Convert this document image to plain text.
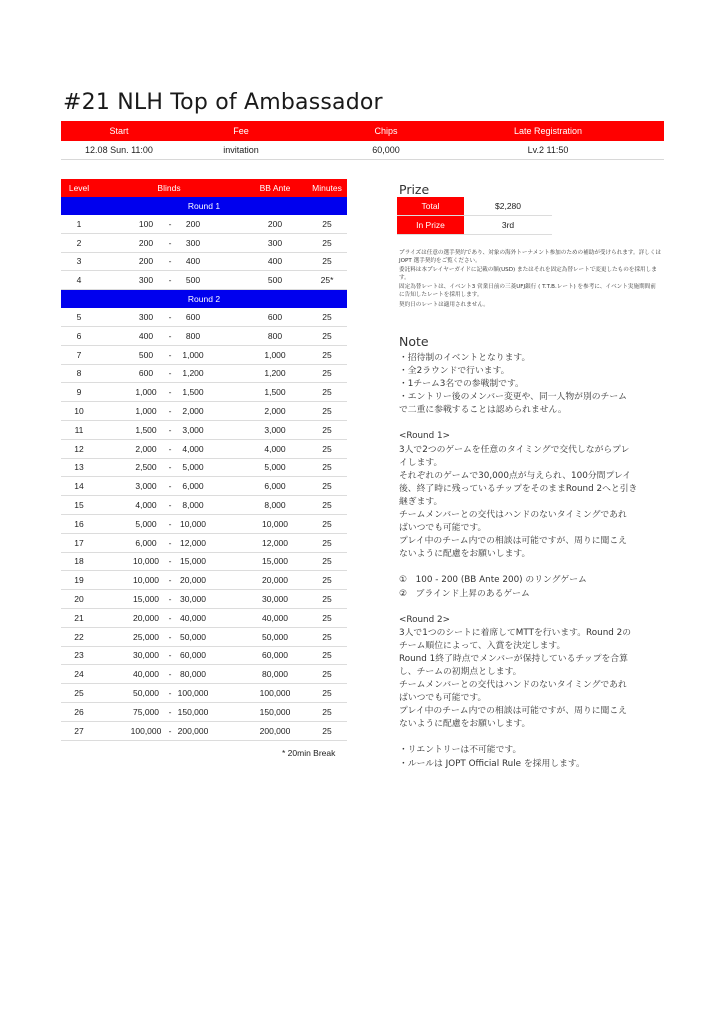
#21 NLH Top of Ambassador
Start	Fee	Chips	Late Registration
12.08 Sun. 11:00	invitation	60,000	Lv.2 11:50
Level	Blinds	BB Ante	Minutes
Round 1
1	100 - 200	200	25
2	200 - 300	300	25
3	200 - 400	400	25
4	300 - 500	500	25*
Round 2
5	300 - 600	600	25
6	400 - 800	800	25
7	500 - 1,000	1,000	25
8	600 - 1,200	1,200	25
9	1,000 - 1,500	1,500	25
10	1,000 - 2,000	2,000	25
11	1,500 - 3,000	3,000	25
12	2,000 - 4,000	4,000	25
13	2,500 - 5,000	5,000	25
14	3,000 - 6,000	6,000	25
15	4,000 - 8,000	8,000	25
16	5,000 - 10,000	10,000	25
17	6,000 - 12,000	12,000	25
18	10,000 - 15,000	15,000	25
19	10,000 - 20,000	20,000	25
20	15,000 - 30,000	30,000	25
21	20,000 - 40,000	40,000	25
22	25,000 - 50,000	50,000	25
23	30,000 - 60,000	60,000	25
24	40,000 - 80,000	80,000	25
25	50,000 - 100,000	100,000	25
26	75,000 - 150,000	150,000	25
27	100,000 - 200,000	200,000	25
* 20min Break
Prize
Total	$2,280
In Prize	3rd

プライズは任意の選手契約であり、対象の海外トーナメント参加のための補助が受けられます。詳しくはJOPT 選手契約をご覧ください。

委託料は本プレイヤーガイドに記載の額(USD) またはそれを固定為替レートで変更したものを採用します。

固定為替レートは、イベント3 営業日前の三菱UFJ銀行 ( T.T.B.レート) を参考に、イベント実施期間前に告知したレートを採用します。

契約日のレートは適用されません。

Note
・招待制のイベントとなります。
・全2ラウンドで行います。
・1チーム3名での参戦制です。
・エントリー後のメンバー変更や、同一人物が別のチーム
で二重に参戦することは認められません。
<Round 1>
3人で2つのゲームを任意のタイミングで交代しながらプレ
イします。
それぞれのゲームで30,000点が与えられ、100分間プレイ
後、終了時に残っているチップをそのままRound 2へと引き
継ぎます。
チームメンバーとの交代はハンドのないタイミングであれ
ばいつでも可能です。
プレイ中のチーム内での相談は可能ですが、周りに聞こえ
ないように配慮をお願いします。
①　100 - 200 (BB Ante 200) のリングゲーム
②　ブラインド上昇のあるゲーム
<Round 2>
3人で1つのシートに着席してMTTを行います。Round 2の
チーム順位によって、入賞を決定します。
Round 1終了時点でメンバーが保持しているチップを合算
し、チームの初期点とします。
チームメンバーとの交代はハンドのないタイミングであれ
ばいつでも可能です。
プレイ中のチーム内での相談は可能ですが、周りに聞こえ
ないように配慮をお願いします。
・リエントリーは不可能です。
・ルールは JOPT Official Rule を採用します。
